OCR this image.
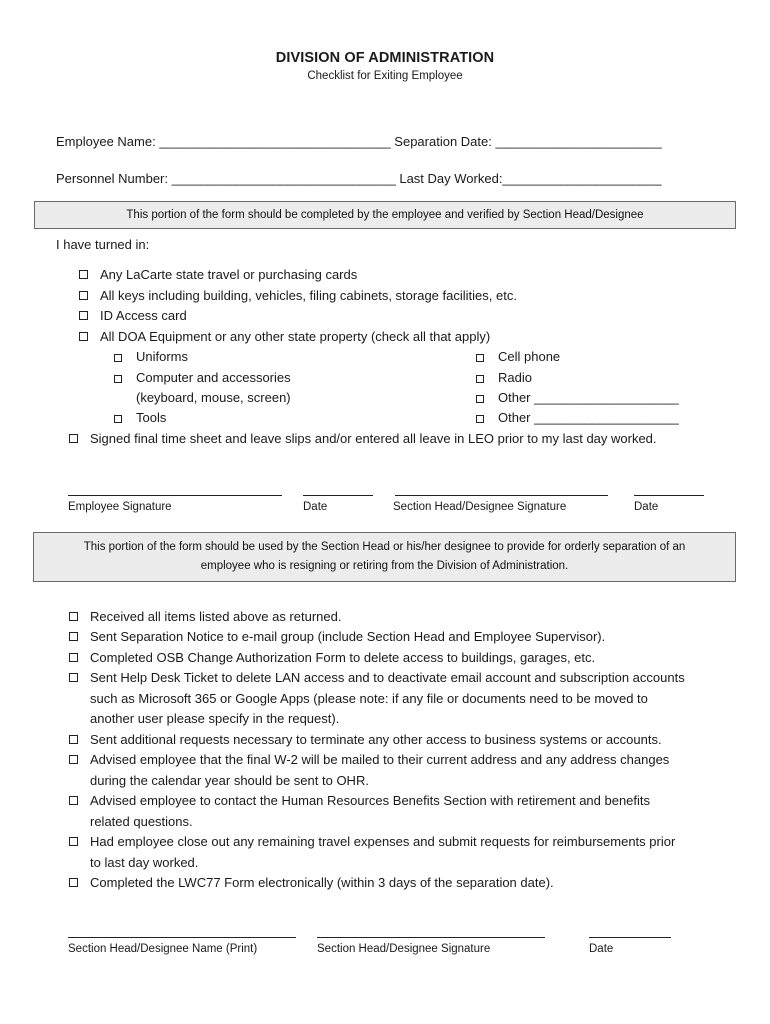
DIVISION OF ADMINISTRATION
Checklist for Exiting Employee
Employee Name: ________________________________ Separation Date: _______________________
Personnel Number: _______________________________ Last Day Worked:______________________
This portion of the form should be completed by the employee and verified by Section Head/Designee
I have turned in:
Any LaCarte state travel or purchasing cards
All keys including building, vehicles, filing cabinets, storage facilities, etc.
ID Access card
All DOA Equipment or any other state property (check all that apply)
Uniforms
Computer and accessories
(keyboard, mouse, screen)
Tools
Cell phone
Radio
Other ____________________
Other ____________________
Signed final time sheet and leave slips and/or entered all leave in LEO prior to my last day worked.
Employee Signature	Date	Section Head/Designee Signature	Date
This portion of the form should be used by the Section Head or his/her designee to provide for orderly separation of an
employee who is resigning or retiring from the Division of Administration.
Received all items listed above as returned.
Sent Separation Notice to e-mail group (include Section Head and Employee Supervisor).
Completed OSB Change Authorization Form to delete access to buildings, garages, etc.
Sent Help Desk Ticket to delete LAN access and to deactivate email account and subscription accounts
such as Microsoft 365 or Google Apps (please note: if any file or documents need to be moved to
another user please specify in the request).
Sent additional requests necessary to terminate any other access to business systems or accounts.
Advised employee that the final W-2 will be mailed to their current address and any address changes
during the calendar year should be sent to OHR.
Advised employee to contact the Human Resources Benefits Section with retirement and benefits
related questions.
Had employee close out any remaining travel expenses and submit requests for reimbursements prior
to last day worked.
Completed the LWC77 Form electronically (within 3 days of the separation date).
Section Head/Designee Name (Print)	Section Head/Designee Signature	Date
